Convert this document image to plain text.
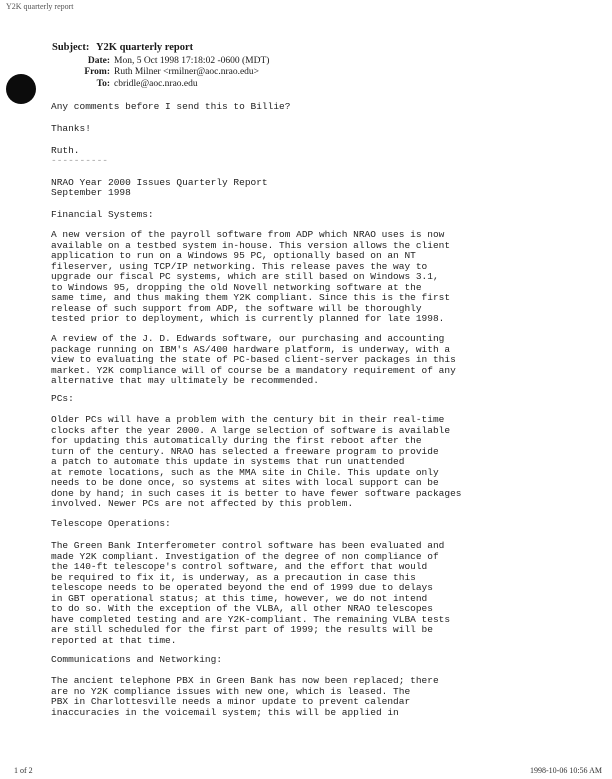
Y2K quarterly report
Subject:
Y2K quarterly report
Date: Mon, 5 Oct 1998 17:18:02 -0600 (MDT)
From: Ruth Milner <rmilner@aoc.nrao.edu>
To: cbridle@aoc.nrao.edu
Any comments before I send this to Billie?
Thanks!
Ruth.
----------
NRAO Year 2000 Issues Quarterly Report
September 1998
Financial Systems:
A new version of the payroll software from ADP which NRAO uses is now
available on a testbed system in-house. This version allows the client
application to run on a Windows 95 PC, optionally based on an NT
fileserver, using TCP/IP networking. This release paves the way to
upgrade our fiscal PC systems, which are still based on Windows 3.1,
to Windows 95, dropping the old Novell networking software at the
same time, and thus making them Y2K compliant. Since this is the first
release of such support from ADP, the software will be thoroughly
tested prior to deployment, which is currently planned for late 1998.
A review of the J. D. Edwards software, our purchasing and accounting
package running on IBM's AS/400 hardware platform, is underway, with a
view to evaluating the state of PC-based client-server packages in this
market. Y2K compliance will of course be a mandatory requirement of any
alternative that may ultimately be recommended.
PCs:
Older PCs will have a problem with the century bit in their real-time
clocks after the year 2000. A large selection of software is available
for updating this automatically during the first reboot after the
turn of the century. NRAO has selected a freeware program to provide
a patch to automate this update in systems that run unattended
at remote locations, such as the MMA site in Chile. This update only
needs to be done once, so systems at sites with local support can be
done by hand; in such cases it is better to have fewer software packages
involved. Newer PCs are not affected by this problem.
Telescope Operations:
The Green Bank Interferometer control software has been evaluated and
made Y2K compliant. Investigation of the degree of non compliance of
the 140-ft telescope's control software, and the effort that would
be required to fix it, is underway, as a precaution in case this
telescope needs to be operated beyond the end of 1999 due to delays
in GBT operational status; at this time, however, we do not intend
to do so. With the exception of the VLBA, all other NRAO telescopes
have completed testing and are Y2K-compliant. The remaining VLBA tests
are still scheduled for the first part of 1999; the results will be
reported at that time.
Communications and Networking:
The ancient telephone PBX in Green Bank has now been replaced; there
are no Y2K compliance issues with new one, which is leased. The
PBX in Charlottesville needs a minor update to prevent calendar
inaccuracies in the voicemail system; this will be applied in
1 of 2	1998-10-06 10:56 AM
